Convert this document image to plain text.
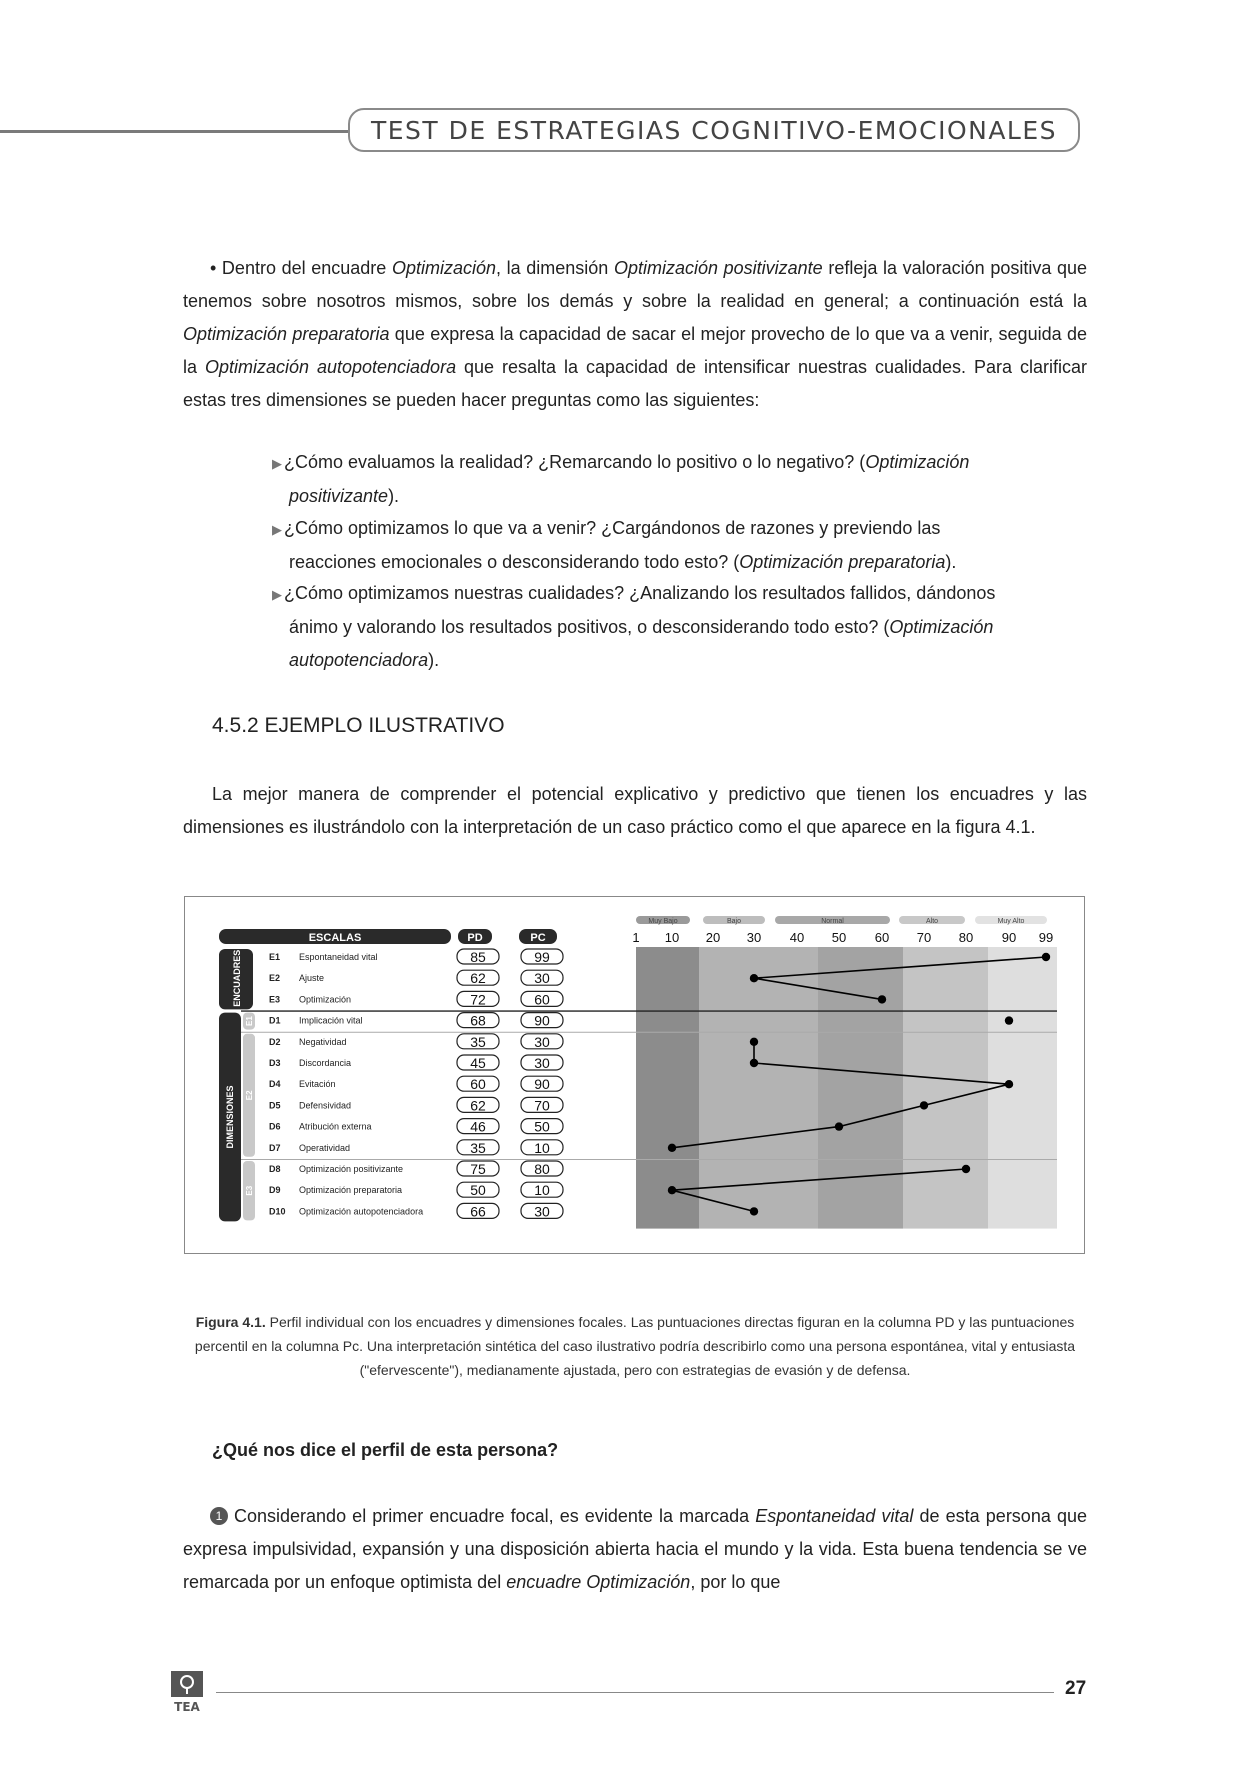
TEST DE ESTRATEGIAS COGNITIVO-EMOCIONALES

• Dentro del encuadre Optimización, la dimensión Optimización positivizante refleja la valoración positiva que tenemos sobre nosotros mismos, sobre los demás y sobre la realidad en general; a continuación está la Optimización preparatoria que expresa la capacidad de sacar el mejor provecho de lo que va a venir, seguida de la Optimización autopotenciadora que resalta la capacidad de intensificar nuestras cualidades. Para clarificar estas tres dimensiones se pueden hacer preguntas como las siguientes:

▶ ¿Cómo evaluamos la realidad? ¿Remarcando lo positivo o lo negativo? (Optimización
positivizante).
▶ ¿Cómo optimizamos lo que va a venir? ¿Cargándonos de razones y previendo las
reacciones emocionales o desconsiderando todo esto? (Optimización preparatoria).
▶ ¿Cómo optimizamos nuestras cualidades? ¿Analizando los resultados fallidos, dándonos
ánimo y valorando los resultados positivos, o desconsiderando todo esto? (Optimización
autopotenciadora).
4.5.2 EJEMPLO ILUSTRATIVO

La mejor manera de comprender el potencial explicativo y predictivo que tienen los encuadres y las dimensiones es ilustrándolo con la interpretación de un caso práctico como el que aparece en la figura 4.1.

Muy Bajo	Bajo	Normal	Alto	Muy Alto
1 10 20 30 40 50 60 70 80 90 99
ESCALAS	PD	PC
ENCUADRES
DIMENSIONES
E1
E2
E3
E1 Espontaneidad vital	85	99
E2 Ajuste	62	30
E3 Optimización	72	60
D1 Implicación vital	68	90
D2 Negatividad	35	30
D3 Discordancia	45	30
D4 Evitación	60	90
D5 Defensividad	62	70
D6 Atribución externa	46	50
D7 Operatividad	35	10
D8 Optimización positivizante	75	80
D9 Optimización preparatoria	50	10
D10 Optimización autopotenciadora	66	30

Figura 4.1. Perfil individual con los encuadres y dimensiones focales. Las puntuaciones directas figuran en la columna PD y las puntuaciones percentil en la columna Pc. Una interpretación sintética del caso ilustrativo podría describirlo como una persona espontánea, vital y entusiasta ("efervescente"), medianamente ajustada, pero con estrategias de evasión y de defensa.

¿Qué nos dice el perfil de esta persona?

1 Considerando el primer encuadre focal, es evidente la marcada Espontaneidad vital de esta persona que expresa impulsividad, expansión y una disposición abierta hacia el mundo y la vida. Esta buena tendencia se ve remarcada por un enfoque optimista del encuadre Optimización, por lo que

TEA
27
